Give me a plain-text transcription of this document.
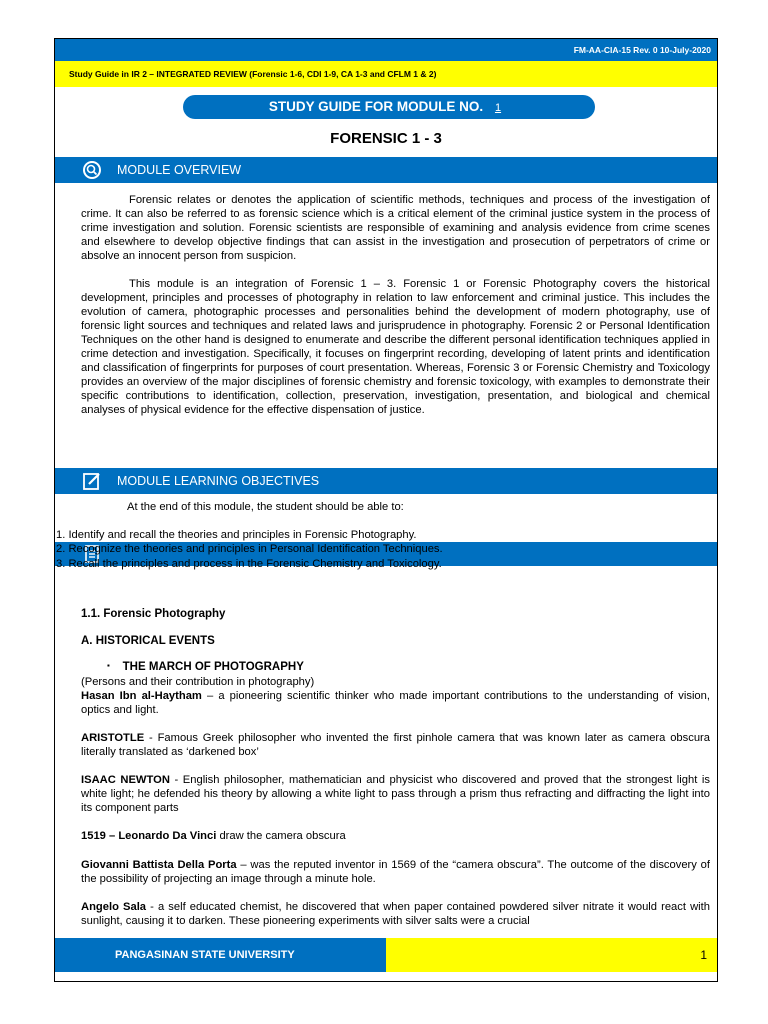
FM-AA-CIA-15 Rev. 0 10-July-2020
Study Guide in IR 2 – INTEGRATED REVIEW (Forensic 1-6, CDI 1-9, CA 1-3 and CFLM 1 & 2)
STUDY GUIDE FOR MODULE NO. 1
FORENSIC 1 - 3
MODULE OVERVIEW
Forensic relates or denotes the application of scientific methods, techniques and process of the investigation of crime. It can also be referred to as forensic science which is a critical element of the criminal justice system in the process of crime investigation and solution. Forensic scientists are responsible of examining and analysis evidence from crime scenes and elsewhere to develop objective findings that can assist in the investigation and prosecution of perpetrators of crime or absolve an innocent person from suspicion.
This module is an integration of Forensic 1 – 3. Forensic 1 or Forensic Photography covers the historical development, principles and processes of photography in relation to law enforcement and criminal justice. This includes the evolution of camera, photographic processes and personalities behind the development of modern photography, use of forensic light sources and techniques and related laws and jurisprudence in photography. Forensic 2 or Personal Identification Techniques on the other hand is designed to enumerate and describe the different personal identification techniques applied in crime detection and investigation. Specifically, it focuses on fingerprint recording, developing of latent prints and identification and classification of fingerprints for purposes of court presentation. Whereas, Forensic 3 or Forensic Chemistry and Toxicology provides an overview of the major disciplines of forensic chemistry and forensic toxicology, with examples to demonstrate their specific contributions to identification, collection, preservation, investigation, presentation, and biological and chemical analyses of physical evidence for the effective dispensation of justice.
MODULE LEARNING OBJECTIVES
At the end of this module, the student should be able to:
1. Identify and recall the theories and principles in Forensic Photography.
2. Recognize the theories and principles in Personal Identification Techniques.
3. Recall the principles and process in the Forensic Chemistry and Toxicology.
1.1. Forensic Photography
A. HISTORICAL EVENTS
▪ THE MARCH OF PHOTOGRAPHY
(Persons and their contribution in photography)
Hasan Ibn al-Haytham – a pioneering scientific thinker who made important contributions to the understanding of vision, optics and light.
ARISTOTLE - Famous Greek philosopher who invented the first pinhole camera that was known later as camera obscura literally translated as ‘darkened box’
ISAAC NEWTON - English philosopher, mathematician and physicist who discovered and proved that the strongest light is white light; he defended his theory by allowing a white light to pass through a prism thus refracting and diffracting the light into its component parts
1519 – Leonardo Da Vinci draw the camera obscura
Giovanni Battista Della Porta – was the reputed inventor in 1569 of the “camera obscura”. The outcome of the discovery of the possibility of projecting an image through a minute hole.
Angelo Sala - a self educated chemist, he discovered that when paper contained powdered silver nitrate it would react with sunlight, causing it to darken. These pioneering experiments with silver salts were a crucial
PANGASINAN STATE UNIVERSITY	1
